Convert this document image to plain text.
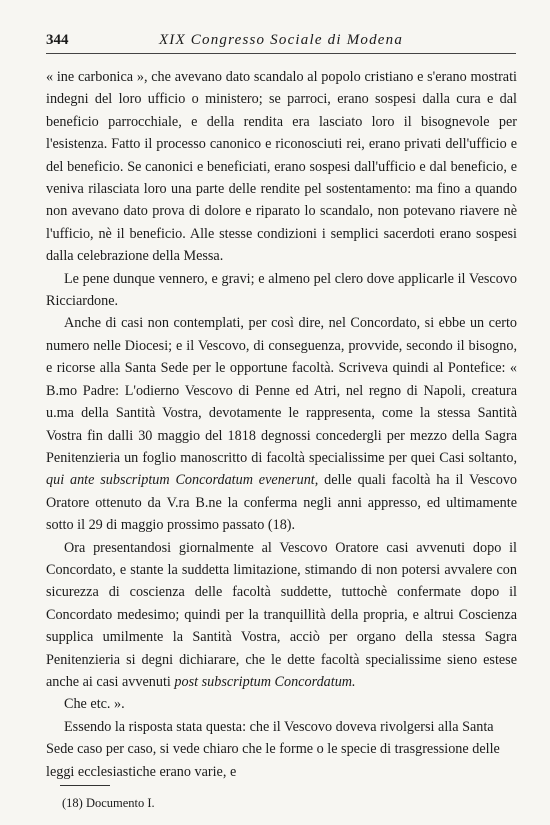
344	XIX Congresso Sociale di Modena

« ine carbonica », che avevano dato scandalo al popolo cristiano e s'erano mostrati indegni del loro ufficio o ministero; se parroci, erano sospesi dalla cura e dal beneficio parrocchiale, e della rendita era lasciato loro il bisognevole per l'esistenza. Fatto il processo canonico e riconosciuti rei, erano privati dell'ufficio e del beneficio. Se canonici e beneficiati, erano sospesi dall'ufficio e dal beneficio, e veniva rilasciata loro una parte delle rendite pel sostentamento: ma fino a quando non avevano dato prova di dolore e riparato lo scandalo, non potevano riavere nè l'ufficio, nè il beneficio. Alle stesse condizioni i semplici sacerdoti erano sospesi dalla celebrazione della Messa.

Le pene dunque vennero, e gravi; e almeno pel clero dove applicarle il Vescovo Ricciardone.

Anche di casi non contemplati, per così dire, nel Concordato, si ebbe un certo numero nelle Diocesi; e il Vescovo, di conseguenza, provvide, secondo il bisogno, e ricorse alla Santa Sede per le opportune facoltà. Scriveva quindi al Pontefice: « B.mo Padre: L'odierno Vescovo di Penne ed Atri, nel regno di Napoli, creatura u.ma della Santità Vostra, devotamente le rappresenta, come la stessa Santità Vostra fin dalli 30 maggio del 1818 degnossi concedergli per mezzo della Sagra Penitenzieria un foglio manoscritto di facoltà specialissime per quei Casi soltanto, qui ante subscriptum Concordatum evenerunt, delle quali facoltà ha il Vescovo Oratore ottenuto da V.ra B.ne la conferma negli anni appresso, ed ultimamente sotto il 29 di maggio prossimo passato (18).

Ora presentandosi giornalmente al Vescovo Oratore casi avvenuti dopo il Concordato, e stante la suddetta limitazione, stimando di non potersi avvalere con sicurezza di coscienza delle facoltà suddette, tuttochè confermate dopo il Concordato medesimo; quindi per la tranquillità della propria, e altrui Coscienza supplica umilmente la Santità Vostra, acciò per organo della stessa Sagra Penitenzieria si degni dichiarare, che le dette facoltà specialissime sieno estese anche ai casi avvenuti post subscriptum Concordatum.

Che etc. ».

Essendo la risposta stata questa: che il Vescovo doveva rivolgersi alla Santa Sede caso per caso, si vede chiaro che le forme o le specie di trasgressione delle leggi ecclesiastiche erano varie, e

(18) Documento I.
